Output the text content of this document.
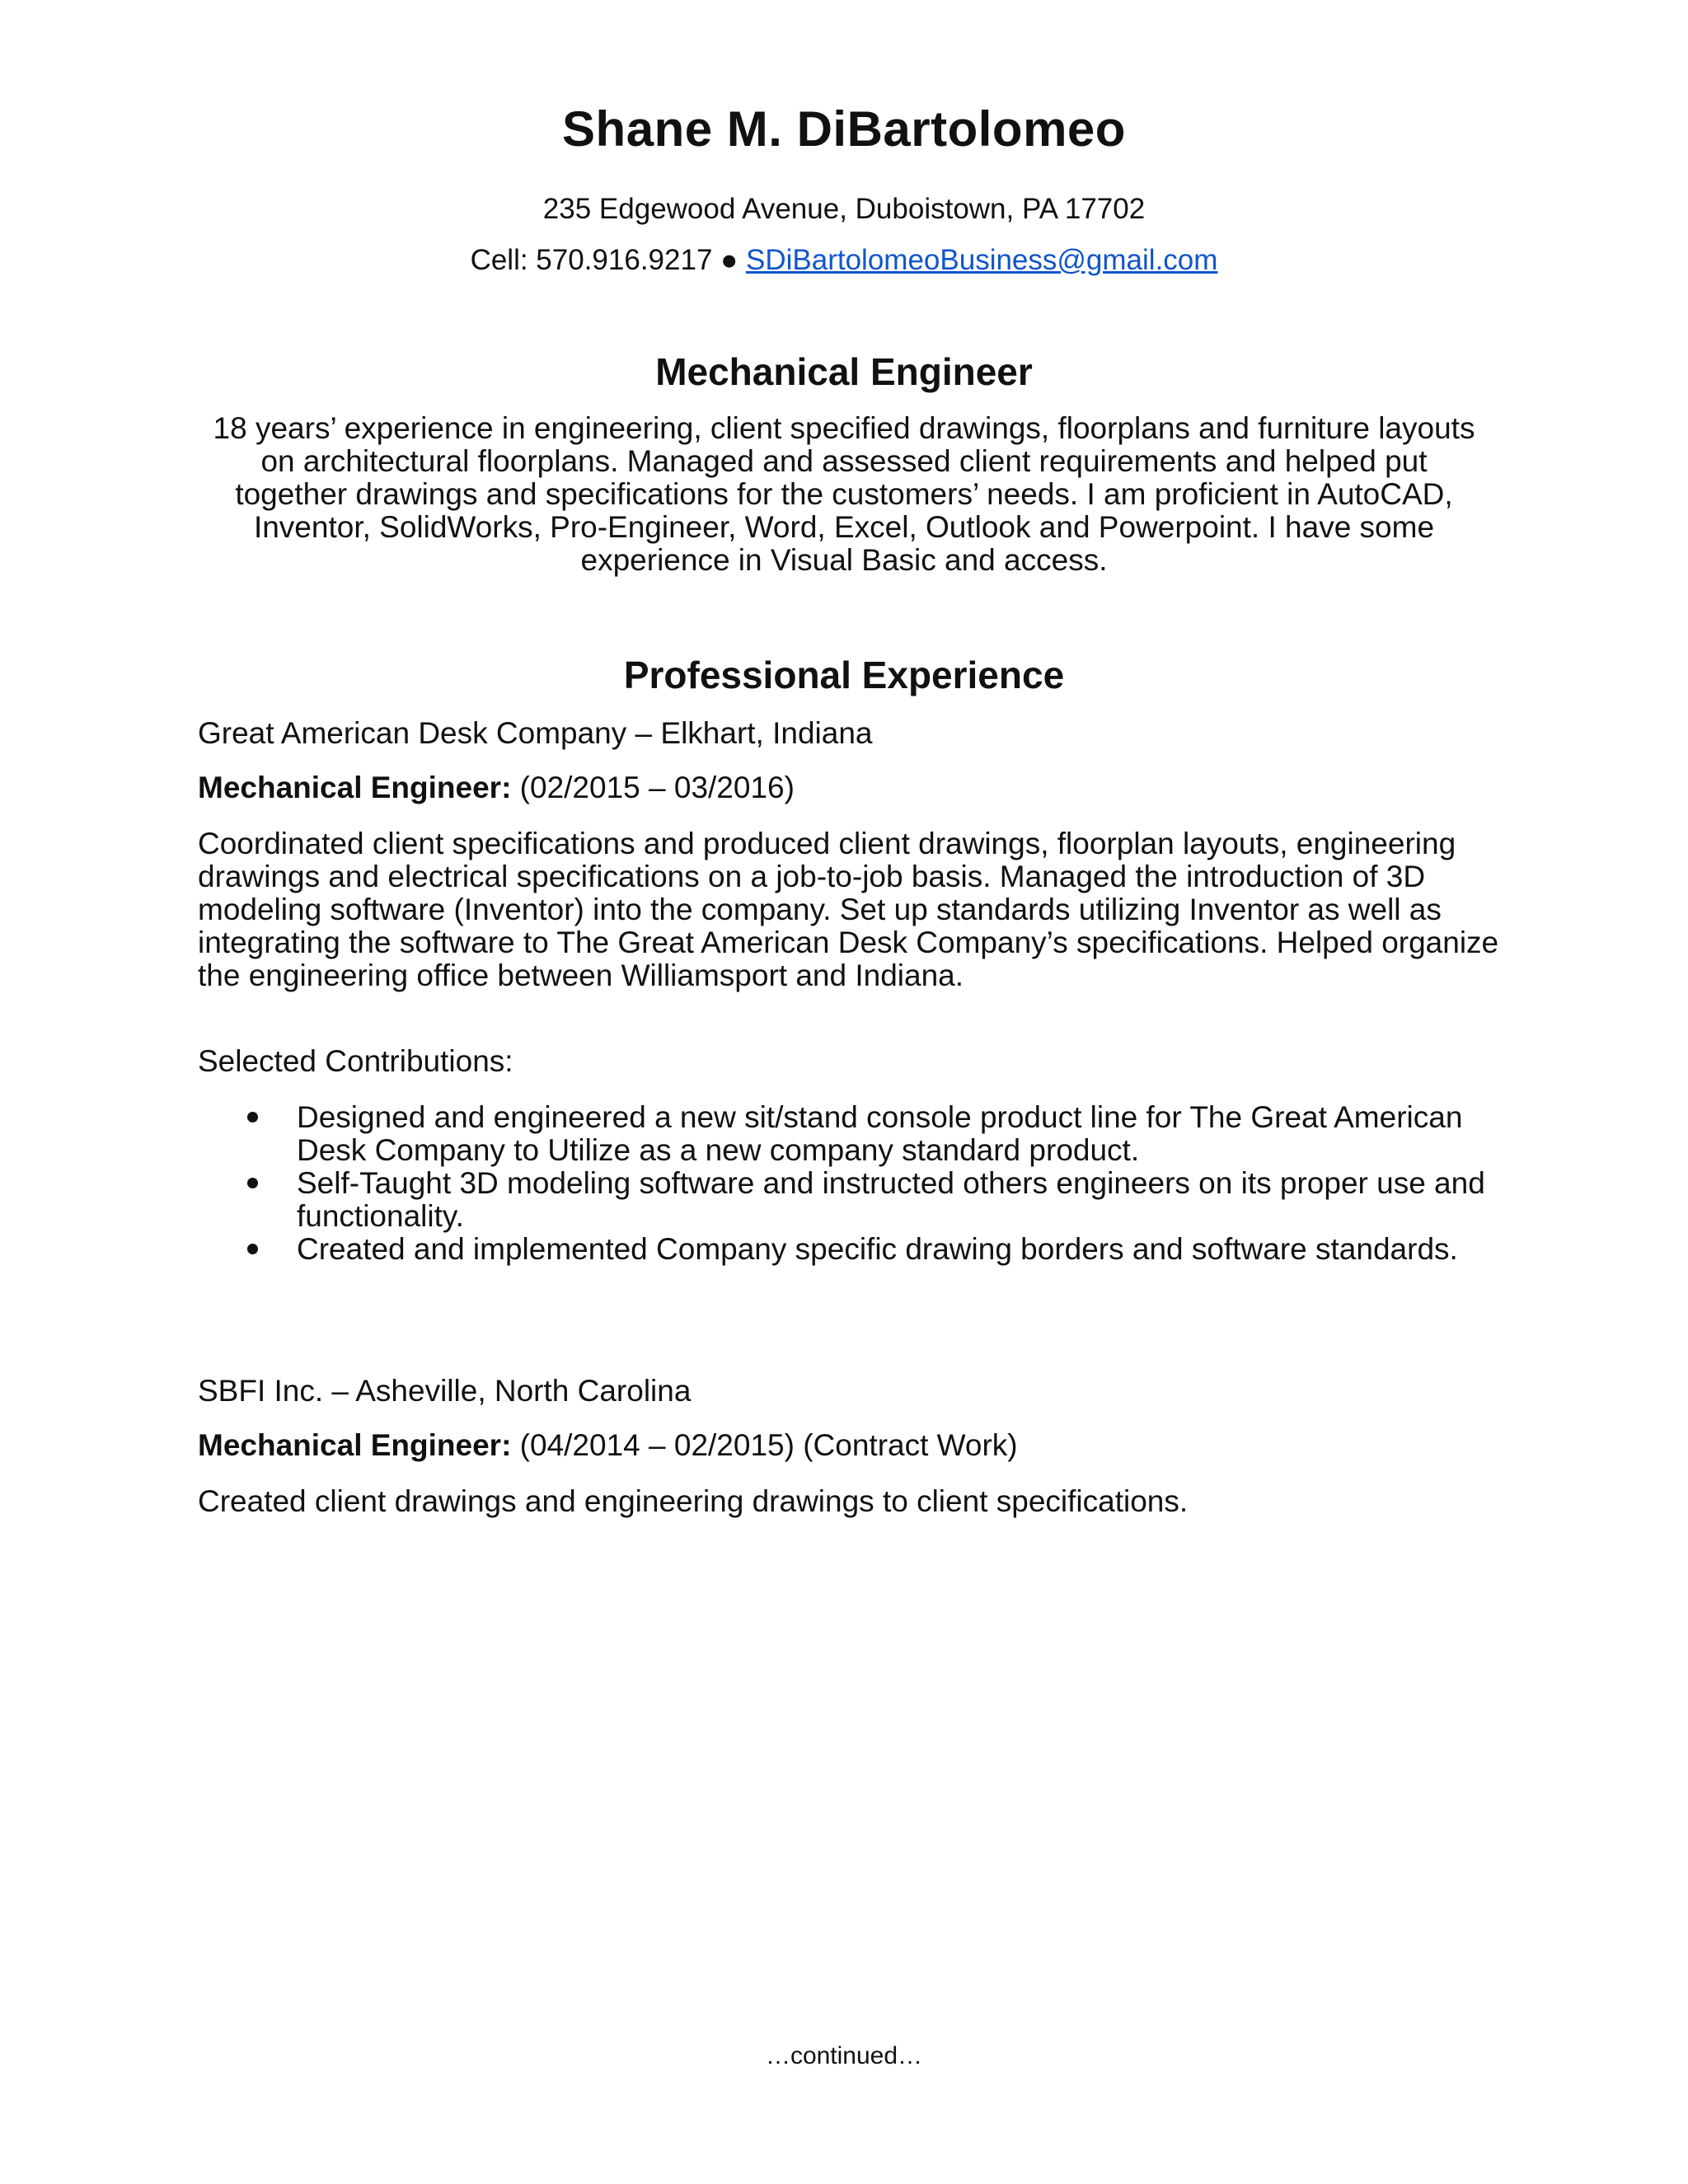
Shane M. DiBartolomeo
235 Edgewood Avenue, Duboistown, PA 17702
Cell: 570.916.9217 ● SDiBartolomeoBusiness@gmail.com
Mechanical Engineer
18 years’ experience in engineering, client specified drawings, floorplans and furniture layouts on architectural floorplans. Managed and assessed client requirements and helped put together drawings and specifications for the customers’ needs. I am proficient in AutoCAD, Inventor, SolidWorks, Pro-Engineer, Word, Excel, Outlook and Powerpoint. I have some experience in Visual Basic and access.
Professional Experience
Great American Desk Company – Elkhart, Indiana
Mechanical Engineer: (02/2015 – 03/2016)
Coordinated client specifications and produced client drawings, floorplan layouts, engineering drawings and electrical specifications on a job-to-job basis. Managed the introduction of 3D modeling software (Inventor) into the company. Set up standards utilizing Inventor as well as integrating the software to The Great American Desk Company’s specifications. Helped organize the engineering office between Williamsport and Indiana.
Selected Contributions:
Designed and engineered a new sit/stand console product line for The Great American Desk Company to Utilize as a new company standard product.
Self-Taught 3D modeling software and instructed others engineers on its proper use and functionality.
Created and implemented Company specific drawing borders and software standards.
SBFI Inc. – Asheville, North Carolina
Mechanical Engineer: (04/2014 – 02/2015) (Contract Work)
Created client drawings and engineering drawings to client specifications.
…continued…
